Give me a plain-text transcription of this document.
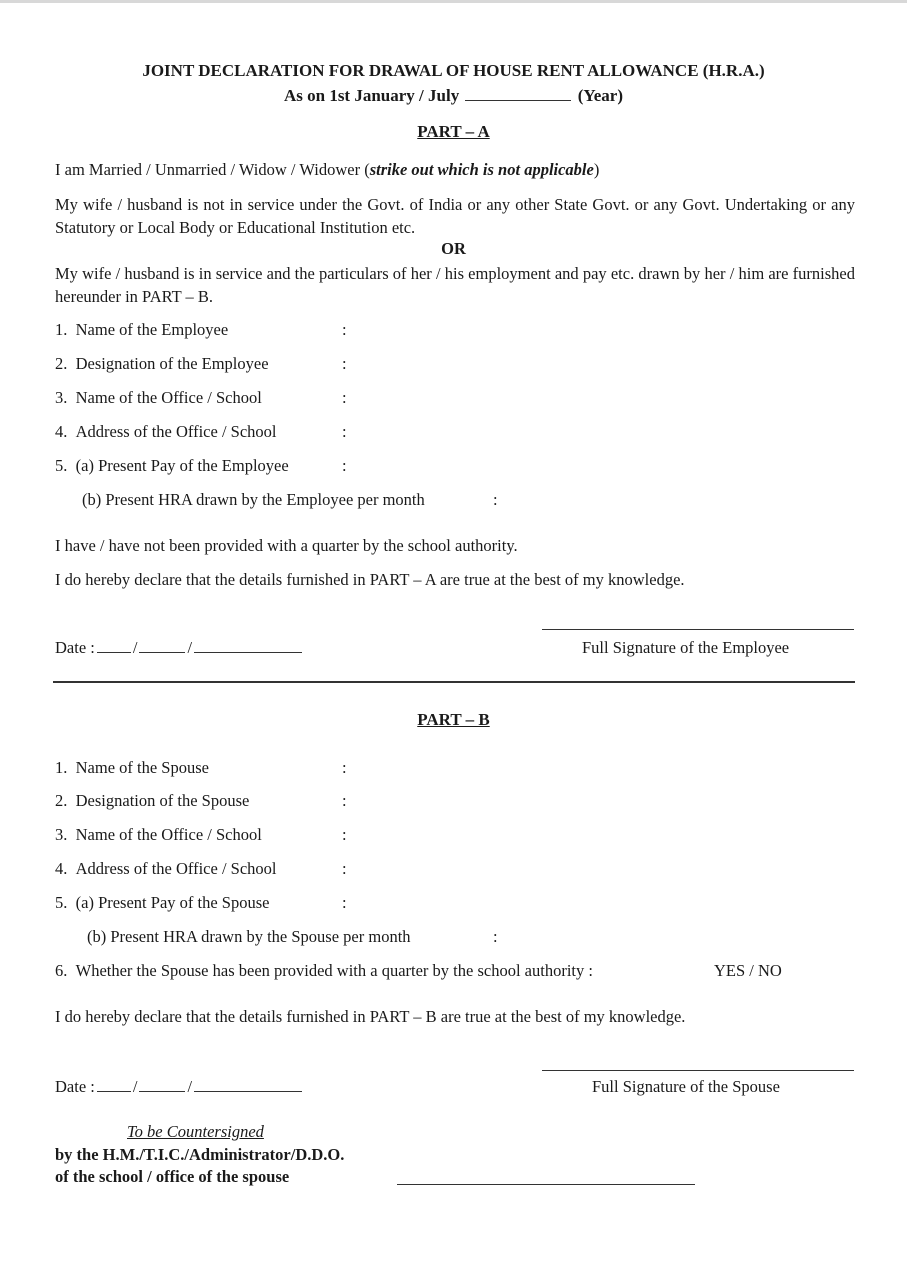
JOINT DECLARATION FOR DRAWAL OF HOUSE RENT ALLOWANCE (H.R.A.)
As on 1st January / July	(Year)
PART – A
I am Married / Unmarried / Widow / Widower (strike out which is not applicable)
My wife / husband is not in service under the Govt. of India or any other State Govt. or any Govt. Undertaking or any Statutory or Local Body or Educational Institution etc.
OR
My wife / husband is in service and the particulars of her / his employment and pay etc. drawn by her / him are furnished hereunder in PART – B.
1. Name of the Employee	:
2. Designation of the Employee	:
3. Name of the Office / School	:
4. Address of the Office / School	:
5. (a) Present Pay of the Employee	:
(b) Present HRA drawn by the Employee per month	:
I have / have not been provided with a quarter by the school authority.
I do hereby declare that the details furnished in PART – A are true at the best of my knowledge.
Date : /	/	Full Signature of the Employee
PART – B
1. Name of the Spouse	:
2. Designation of the Spouse	:
3. Name of the Office / School	:
4. Address of the Office / School	:
5. (a) Present Pay of the Spouse	:
(b) Present HRA drawn by the Spouse per month	:
6. Whether the Spouse has been provided with a quarter by the school authority :	YES / NO
I do hereby declare that the details furnished in PART – B are true at the best of my knowledge.
Date : /	/	Full Signature of the Spouse
To be Countersigned
by the H.M./T.I.C./Administrator/D.D.O.
of the school / office of the spouse
